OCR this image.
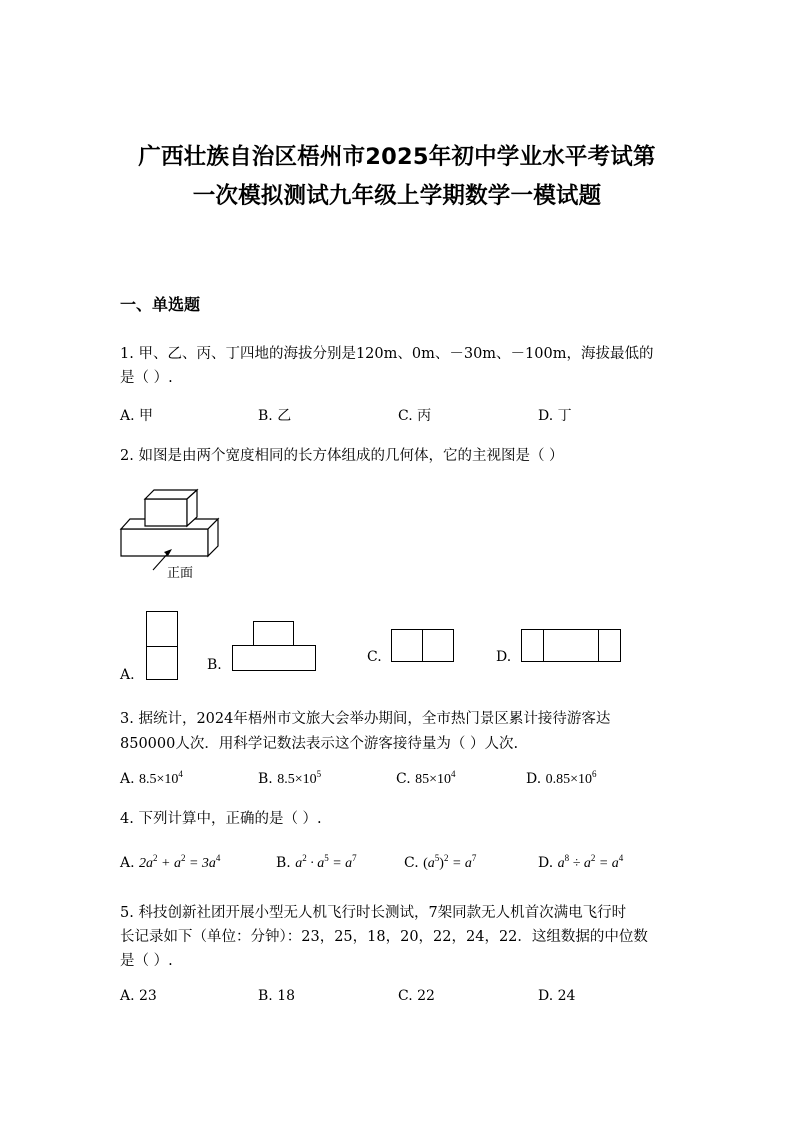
广西壮族自治区梧州市2025年初中学业水平考试第
一次模拟测试九年级上学期数学一模试题
一、单选题
1. 甲、乙、丙、丁四地的海拔分别是120m、0m、－30m、－100m，海拔最低的
是（ ）.
A. 甲	B. 乙	C. 丙	D. 丁
2. 如图是由两个宽度相同的长方体组成的几何体，它的主视图是（ ）
正面
A.
B.	C.	D.
3. 据统计，2024年梧州市文旅大会举办期间，全市热门景区累计接待游客达
850000人次．用科学记数法表示这个游客接待量为（ ）人次.
A. $8.5\times 10^4$	B. $8.5\times 10^5$	C. $85\times 10^4$	D. $0.85\times 10^6$
4. 下列计算中，正确的是（ ）.
A. $2a^2 + a^2 = 3a^4$	B. $a^2 \cdot a^5 = a^7$	C. $(a^5)^2 = a^7$	D. $a^8 \div a^2 = a^4$
5. 科技创新社团开展小型无人机飞行时长测试，7架同款无人机首次满电飞行时
长记录如下（单位：分钟）：23，25，18，20，22，24，22．这组数据的中位数
是（ ）.
A. 23	B. 18	C. 22	D. 24
